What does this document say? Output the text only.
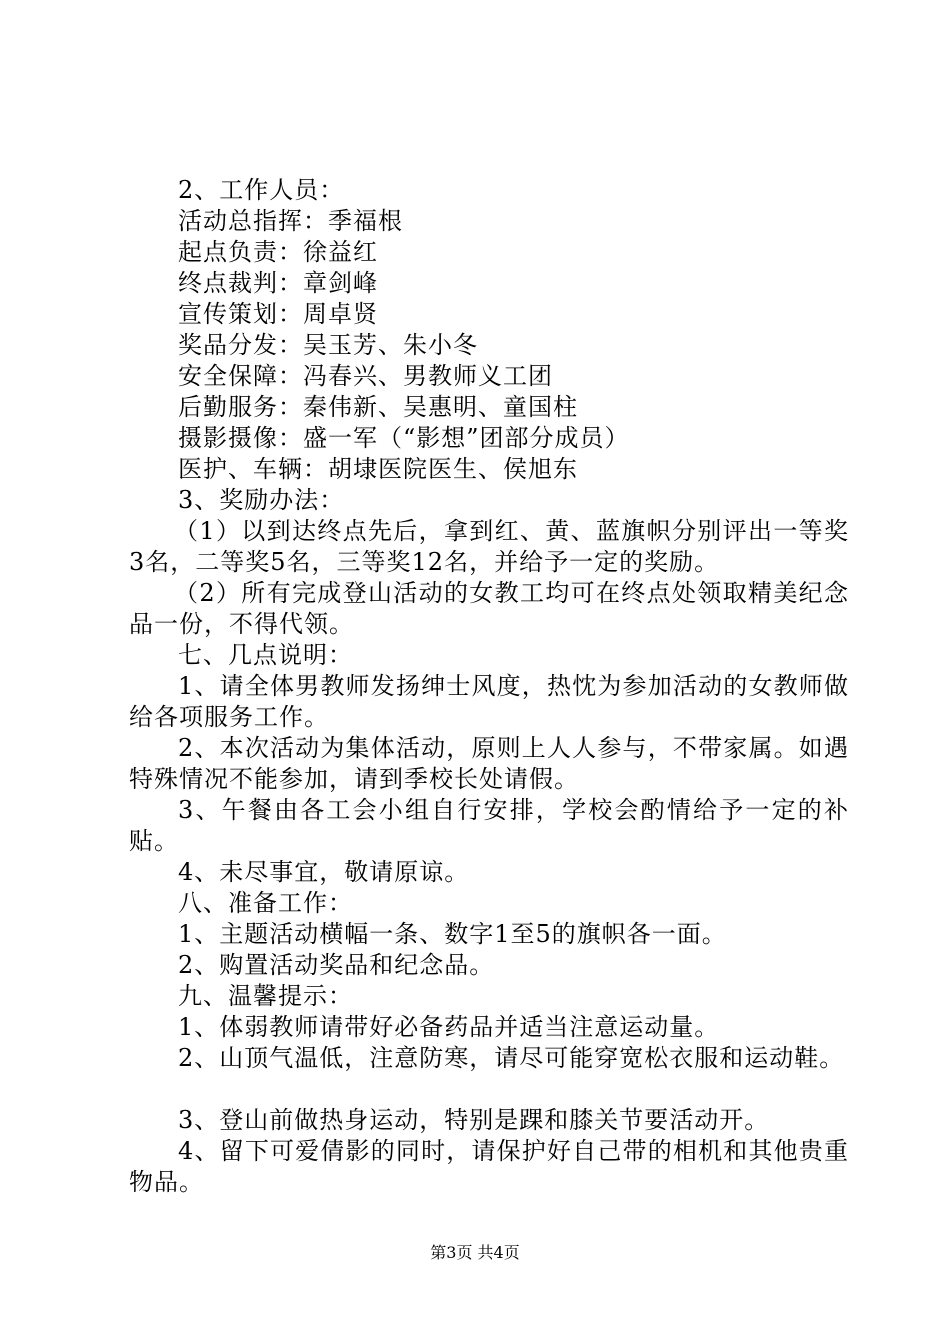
2、工作人员：
活动总指挥：季福根
起点负责：徐益红
终点裁判：章剑峰
宣传策划：周卓贤
奖品分发：吴玉芳、朱小冬
安全保障：冯春兴、男教师义工团
后勤服务：秦伟新、吴惠明、童国柱
摄影摄像：盛一军（“影想”团部分成员）
医护、车辆：胡埭医院医生、侯旭东
3、奖励办法：
（1）以到达终点先后，拿到红、黄、蓝旗帜分别评出一等奖3名，二等奖5名，三等奖12名，并给予一定的奖励。
（2）所有完成登山活动的女教工均可在终点处领取精美纪念品一份，不得代领。
七、几点说明：
1、请全体男教师发扬绅士风度，热忱为参加活动的女教师做给各项服务工作。
2、本次活动为集体活动，原则上人人参与，不带家属。如遇特殊情况不能参加，请到季校长处请假。
3、午餐由各工会小组自行安排，学校会酌情给予一定的补贴。
4、未尽事宜，敬请原谅。
八、准备工作：
1、主题活动横幅一条、数字1至5的旗帜各一面。
2、购置活动奖品和纪念品。
九、温馨提示：
1、体弱教师请带好必备药品并适当注意运动量。
2、山顶气温低，注意防寒，请尽可能穿宽松衣服和运动鞋。
3、登山前做热身运动，特别是踝和膝关节要活动开。
4、留下可爱倩影的同时，请保护好自己带的相机和其他贵重物品。
第3页 共4页
